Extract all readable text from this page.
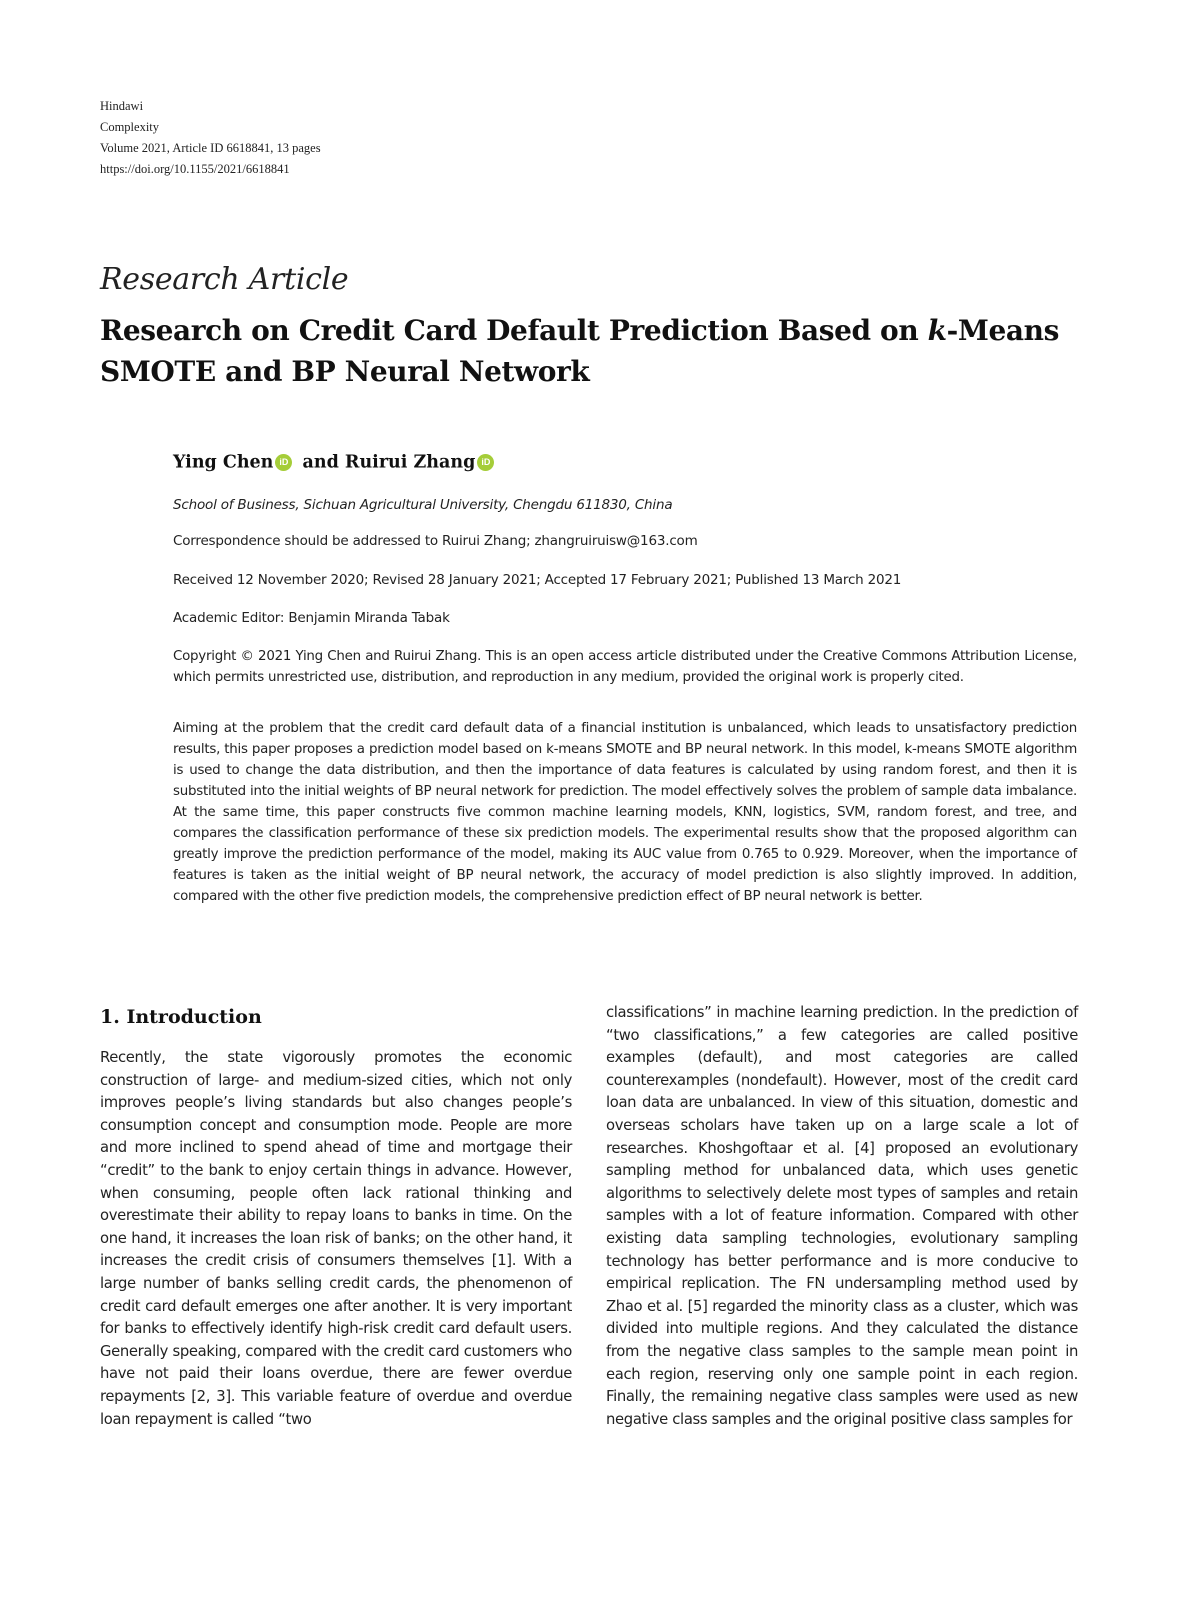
Hindawi
Complexity
Volume 2021, Article ID 6618841, 13 pages
https://doi.org/10.1155/2021/6618841
Research Article
Research on Credit Card Default Prediction Based on k-Means SMOTE and BP Neural Network
Ying CheniD and Ruirui ZhangiD
School of Business, Sichuan Agricultural University, Chengdu 611830, China
Correspondence should be addressed to Ruirui Zhang; zhangruiruisw@163.com
Received 12 November 2020; Revised 28 January 2021; Accepted 17 February 2021; Published 13 March 2021
Academic Editor: Benjamin Miranda Tabak
Copyright © 2021 Ying Chen and Ruirui Zhang. This is an open access article distributed under the Creative Commons Attribution License, which permits unrestricted use, distribution, and reproduction in any medium, provided the original work is properly cited.
Aiming at the problem that the credit card default data of a financial institution is unbalanced, which leads to unsatisfactory prediction results, this paper proposes a prediction model based on k-means SMOTE and BP neural network. In this model, k-means SMOTE algorithm is used to change the data distribution, and then the importance of data features is calculated by using random forest, and then it is substituted into the initial weights of BP neural network for prediction. The model effectively solves the problem of sample data imbalance. At the same time, this paper constructs five common machine learning models, KNN, logistics, SVM, random forest, and tree, and compares the classification performance of these six prediction models. The experimental results show that the proposed algorithm can greatly improve the prediction performance of the model, making its AUC value from 0.765 to 0.929. Moreover, when the importance of features is taken as the initial weight of BP neural network, the accuracy of model prediction is also slightly improved. In addition, compared with the other five prediction models, the comprehensive prediction effect of BP neural network is better.
1. Introduction
Recently, the state vigorously promotes the economic construction of large- and medium-sized cities, which not only improves people’s living standards but also changes people’s consumption concept and consumption mode. People are more and more inclined to spend ahead of time and mortgage their “credit” to the bank to enjoy certain things in advance. However, when consuming, people often lack rational thinking and overestimate their ability to repay loans to banks in time. On the one hand, it increases the loan risk of banks; on the other hand, it increases the credit crisis of consumers themselves [1]. With a large number of banks selling credit cards, the phenomenon of credit card default emerges one after another. It is very important for banks to effectively identify high-risk credit card default users. Generally speaking, compared with the credit card customers who have not paid their loans overdue, there are fewer overdue repayments [2, 3]. This variable feature of overdue and overdue loan repayment is called “two
classifications” in machine learning prediction. In the prediction of “two classifications,” a few categories are called positive examples (default), and most categories are called counterexamples (nondefault). However, most of the credit card loan data are unbalanced. In view of this situation, domestic and overseas scholars have taken up on a large scale a lot of researches. Khoshgoftaar et al. [4] proposed an evolutionary sampling method for unbalanced data, which uses genetic algorithms to selectively delete most types of samples and retain samples with a lot of feature information. Compared with other existing data sampling technologies, evolutionary sampling technology has better performance and is more conducive to empirical replication. The FN undersampling method used by Zhao et al. [5] regarded the minority class as a cluster, which was divided into multiple regions. And they calculated the distance from the negative class samples to the sample mean point in each region, reserving only one sample point in each region. Finally, the remaining negative class samples were used as new negative class samples and the original positive class samples for
